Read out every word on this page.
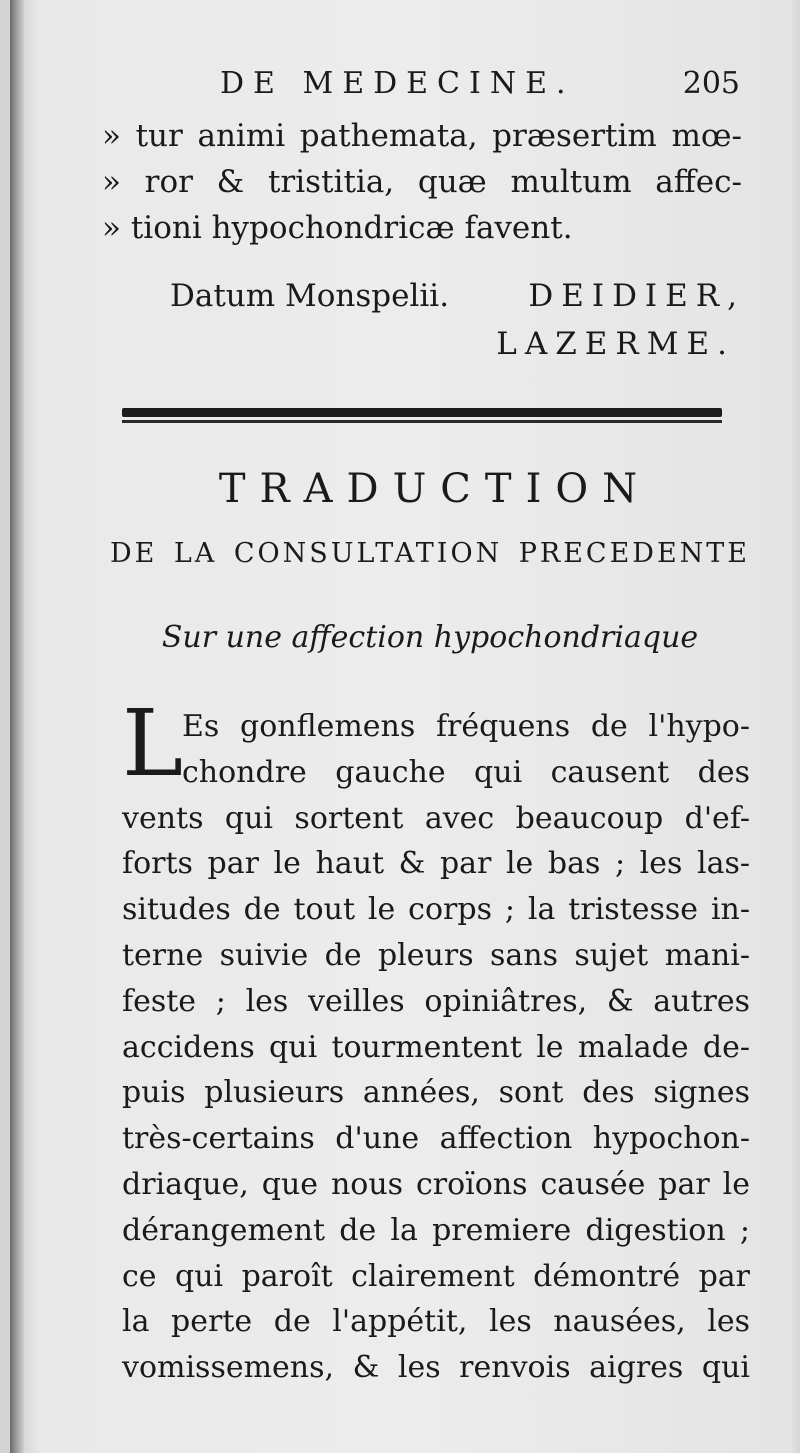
DE MEDECINE.	205
» tur animi pathemata, præsertim mœ-
» ror & tristitia, quæ multum affec-
» tioni hypochondricæ favent.
Datum Monspelii.	DEIDIER,
LAZERME.
TRADUCTION
DE LA CONSULTATION PRECEDENTE
Sur une affection hypochondriaque
L
Es gonflemens fréquens de l'hypo-
chondre gauche qui causent des
vents qui sortent avec beaucoup d'ef-
forts par le haut & par le bas ; les las-
situdes de tout le corps ; la tristesse in-
terne suivie de pleurs sans sujet mani-
feste ; les veilles opiniâtres, & autres
accidens qui tourmentent le malade de-
puis plusieurs années, sont des signes
très-certains d'une affection hypochon-
driaque, que nous croïons causée par le
dérangement de la premiere digestion ;
ce qui paroît clairement démontré par
la perte de l'appétit, les nausées, les
vomissemens, & les renvois aigres qui
